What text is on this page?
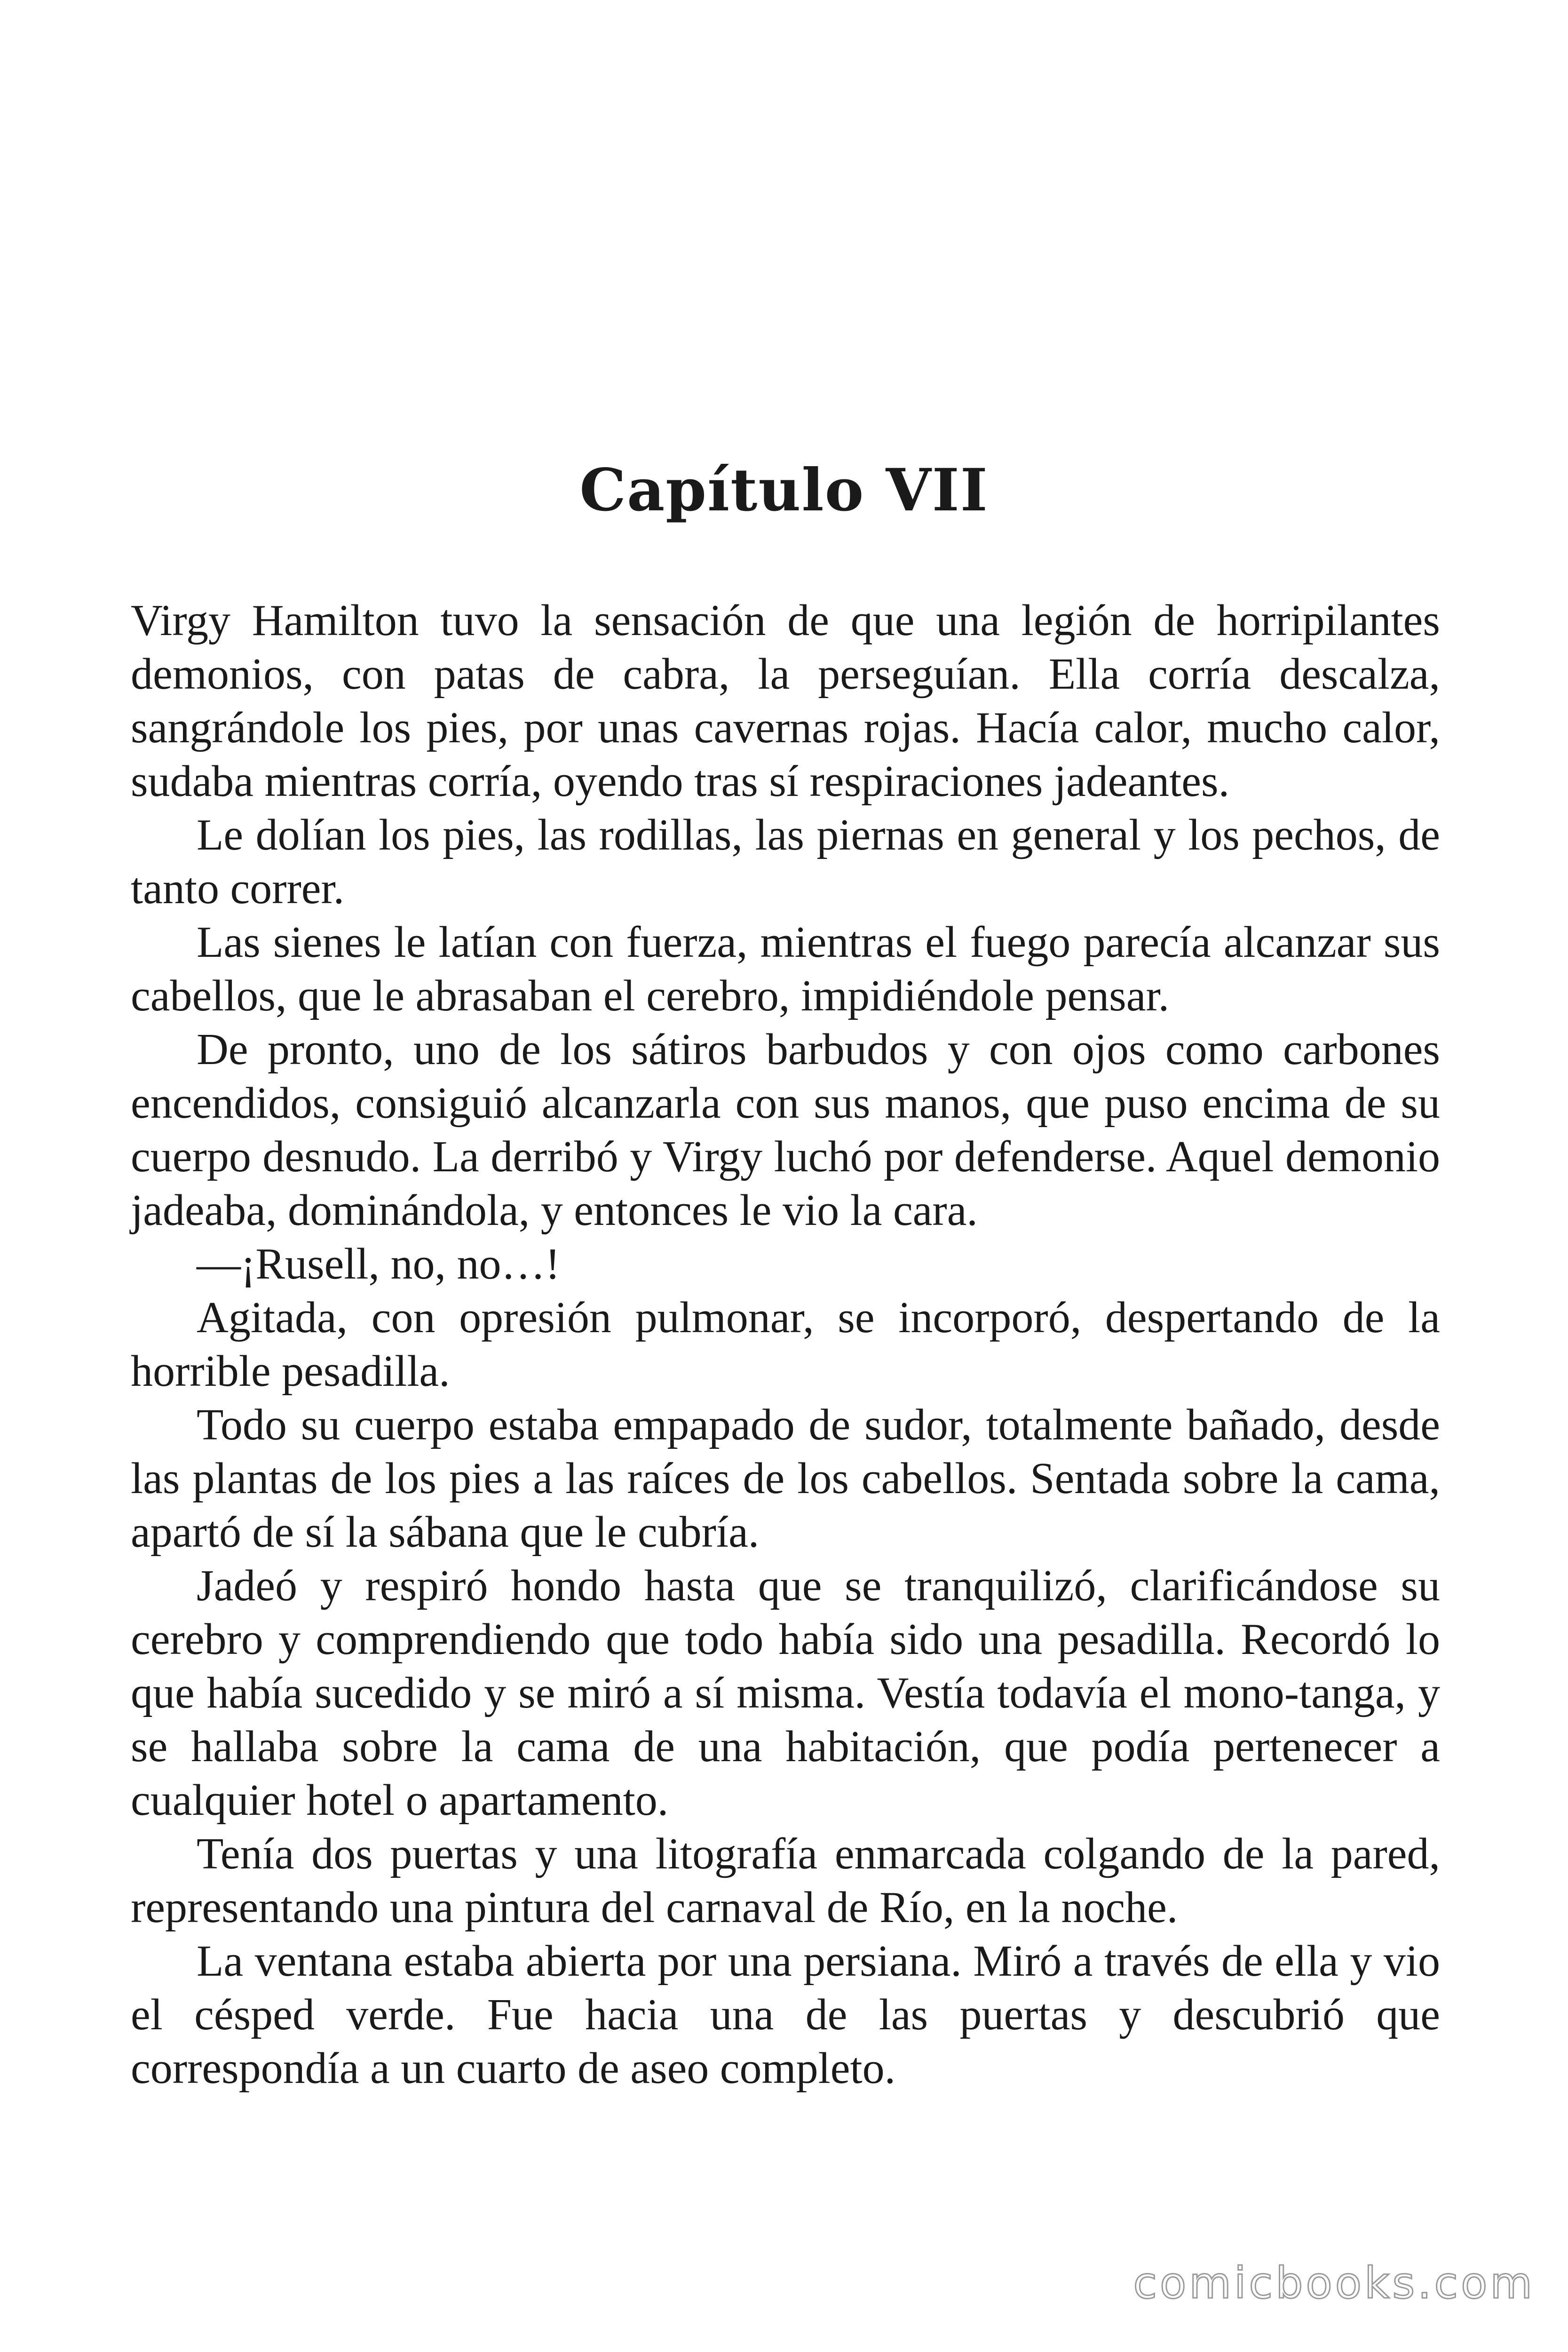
Capítulo VII

Virgy Hamilton tuvo la sensación de que una legión de horripilantes demonios, con patas de cabra, la perseguían. Ella corría descalza, sangrándole los pies, por unas cavernas rojas. Hacía calor, mucho calor, sudaba mientras corría, oyendo tras sí respiraciones jadeantes.

Le dolían los pies, las rodillas, las piernas en general y los pechos, de tanto correr.

Las sienes le latían con fuerza, mientras el fuego parecía alcanzar sus cabellos, que le abrasaban el cerebro, impidiéndole pensar.

De pronto, uno de los sátiros barbudos y con ojos como carbones encendidos, consiguió alcanzarla con sus manos, que puso encima de su cuerpo desnudo. La derribó y Virgy luchó por defenderse. Aquel demonio jadeaba, dominándola, y entonces le vio la cara.

—¡Rusell, no, no…!

Agitada, con opresión pulmonar, se incorporó, despertando de la horrible pesadilla.

Todo su cuerpo estaba empapado de sudor, totalmente bañado, desde las plantas de los pies a las raíces de los cabellos. Sentada sobre la cama, apartó de sí la sábana que le cubría.

Jadeó y respiró hondo hasta que se tranquilizó, clarificándose su cerebro y comprendiendo que todo había sido una pesadilla. Recordó lo que había sucedido y se miró a sí misma. Vestía todavía el mono-tanga, y se hallaba sobre la cama de una habitación, que podía pertenecer a cualquier hotel o apartamento.

Tenía dos puertas y una litografía enmarcada colgando de la pared, representando una pintura del carnaval de Río, en la noche.

La ventana estaba abierta por una persiana. Miró a través de ella y vio el césped verde. Fue hacia una de las puertas y descubrió que correspondía a un cuarto de aseo completo.

comicbooks.com
